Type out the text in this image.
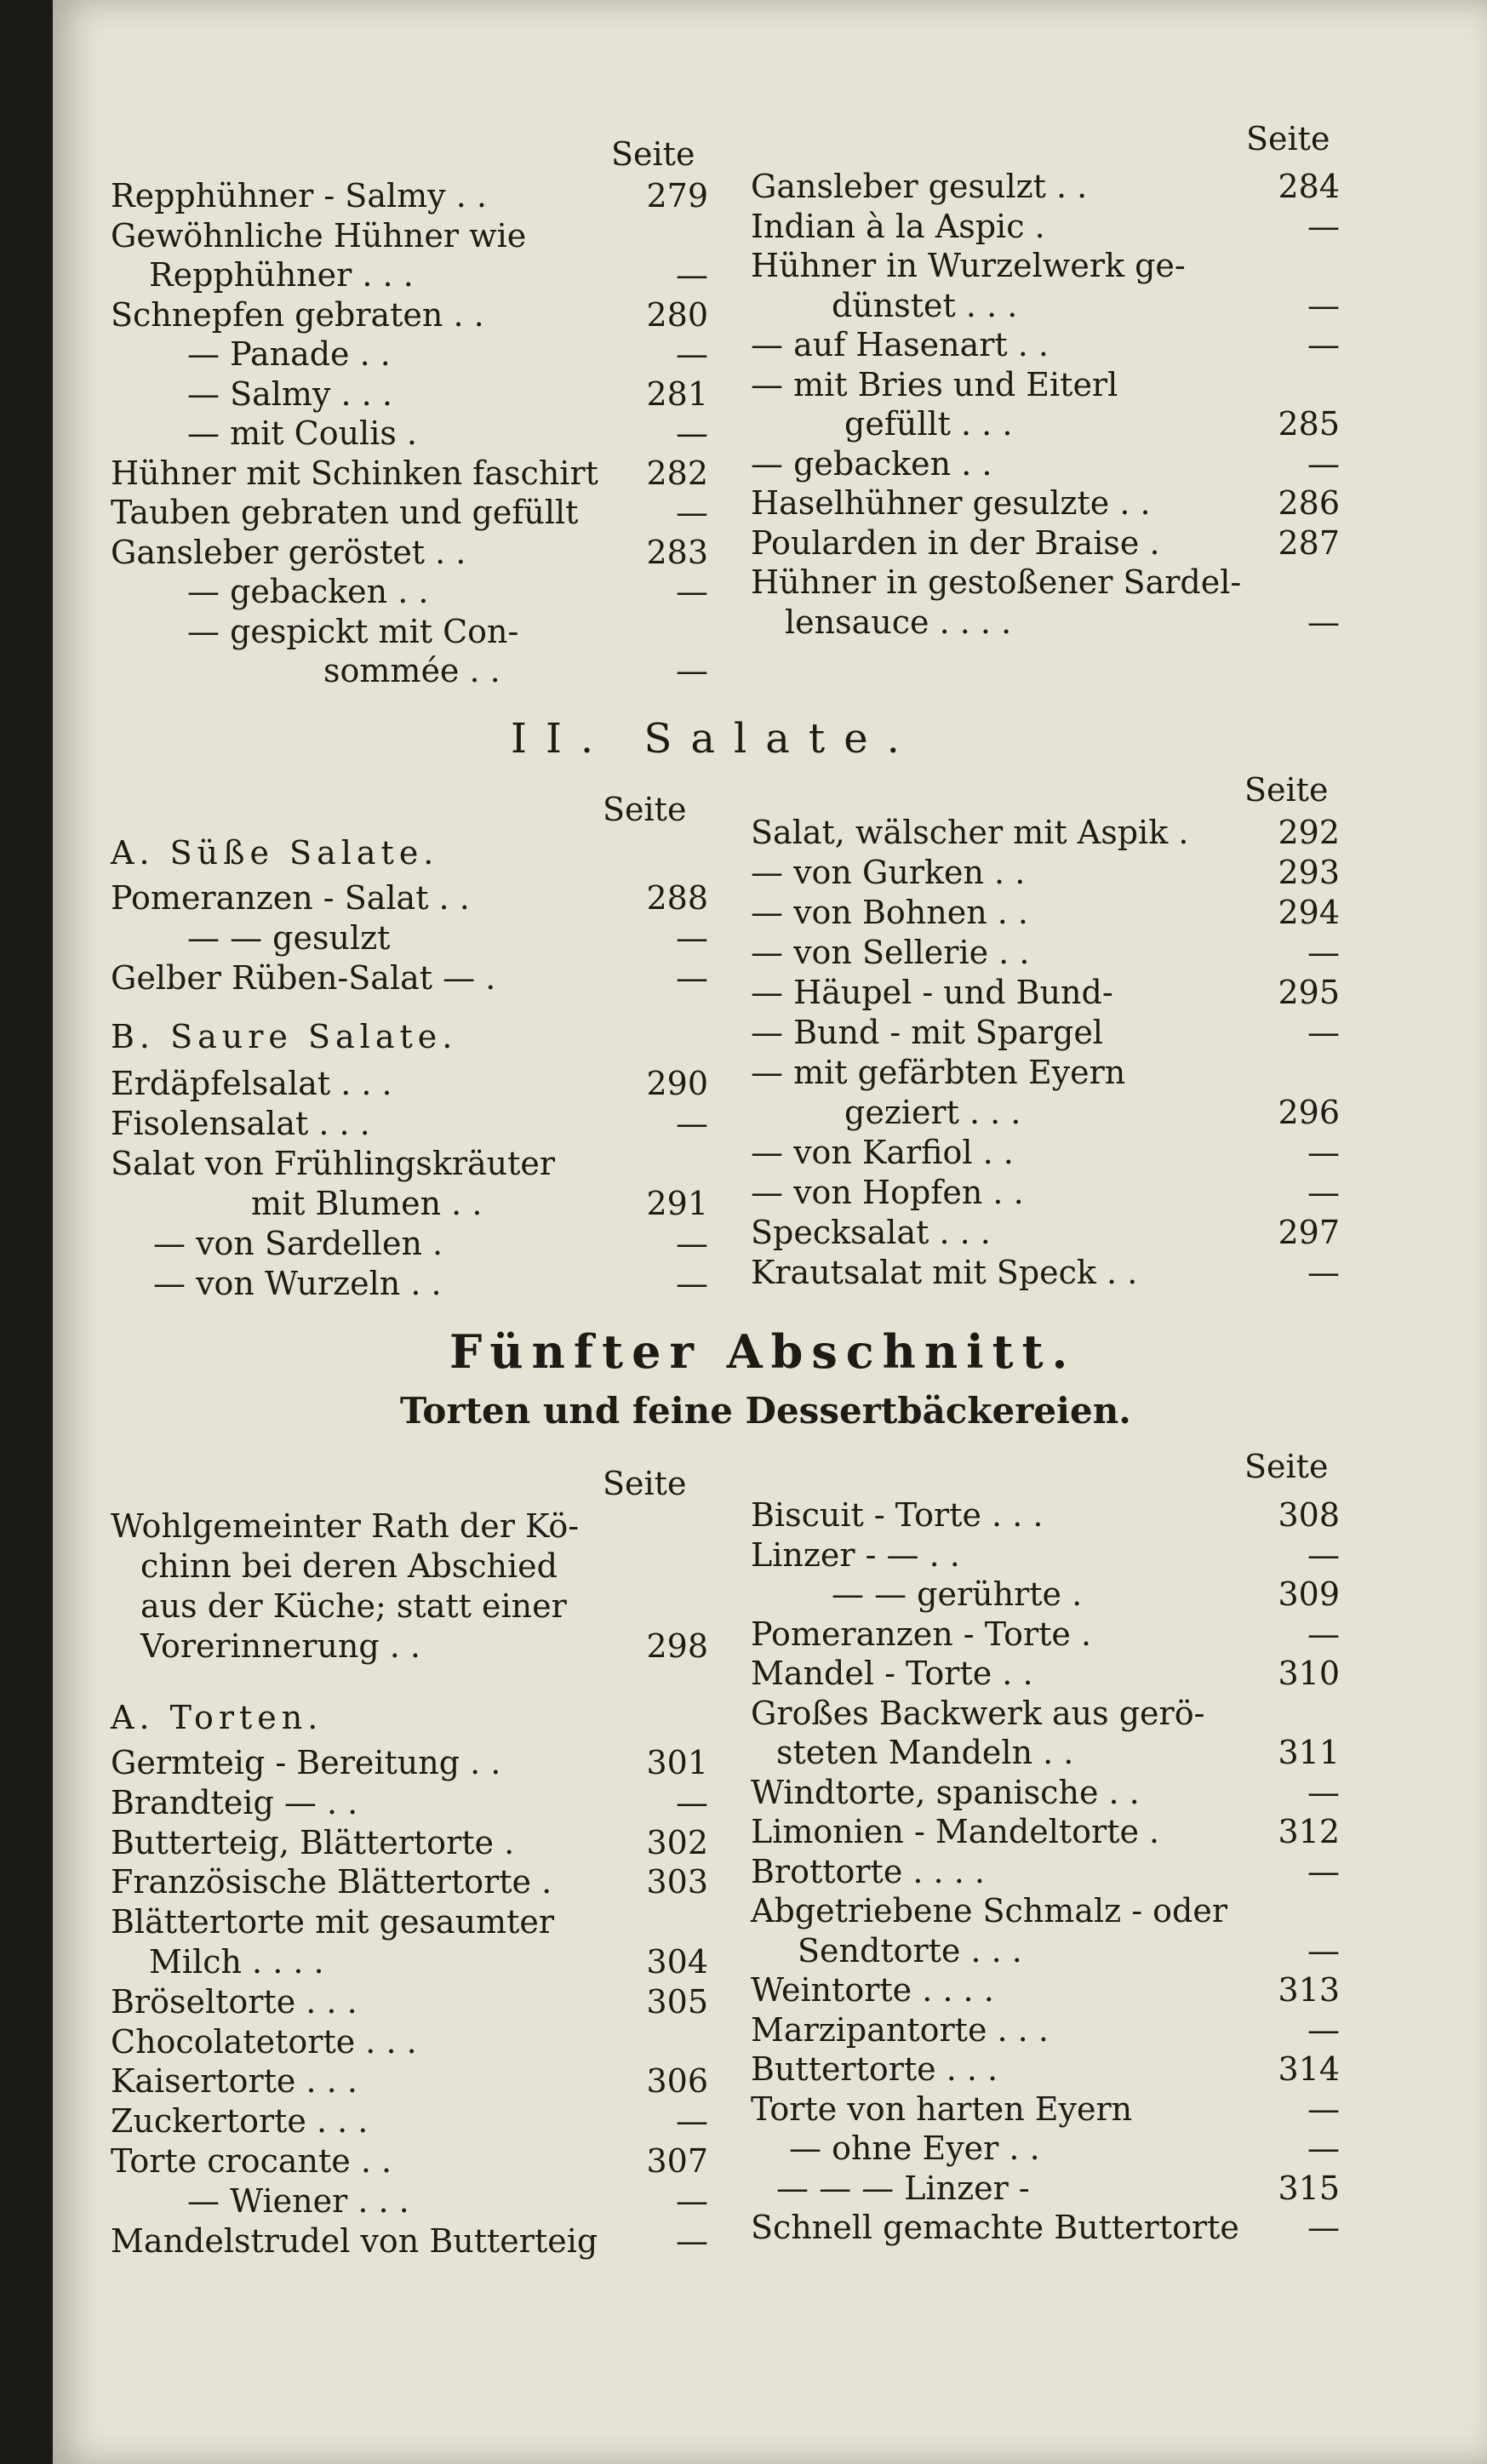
Seite	Seite
Repphühner - Salmy . .	279
Gewöhnliche Hühner wie
Repphühner . . .	—
Schnepfen gebraten . .	280
— Panade . .	—
— Salmy . . .	281
— mit Coulis .	—
Hühner mit Schinken faschirt	282
Tauben gebraten und gefüllt	—
Gansleber geröstet . .	283
— gebacken . .	—
— gespickt mit Con-
sommée . .	—
Gansleber gesulzt . .	284
Indian à la Aspic .	—
Hühner in Wurzelwerk ge-
dünstet . . .	—
— auf Hasenart . .	—
— mit Bries und Eiterl
gefüllt . . .	285
— gebacken . .	—
Haselhühner gesulzte . .	286
Poularden in der Braise .	287
Hühner in gestoßener Sardel-
lensauce . . . .	—
II. Salate.
Seite
Seite
A. Süße Salate.
Pomeranzen - Salat . .	288
— — gesulzt	—
Gelber Rüben-Salat — .	—
B. Saure Salate.
Erdäpfelsalat . . .	290
Fisolensalat . . .	—
Salat von Frühlingskräuter
mit Blumen . .	291
— von Sardellen .	—
— von Wurzeln . .	—
Salat, wälscher mit Aspik .	292
— von Gurken . .	293
— von Bohnen . .	294
— von Sellerie . .	—
— Häupel - und Bund-	295
— Bund - mit Spargel	—
— mit gefärbten Eyern
geziert . . .	296
— von Karfiol . .	—
— von Hopfen . .	—
Specksalat . . .	297
Krautsalat mit Speck . .	—
Fünfter Abschnitt.
Torten und feine Dessertbäckereien.
Seite	Seite
Wohlgemeinter Rath der Kö-
chinn bei deren Abschied
aus der Küche; statt einer
Vorerinnerung . .	298
A. Torten.
Germteig - Bereitung . .	301
Brandteig — . .	—
Butterteig, Blättertorte .	302
Französische Blättertorte .	303
Blättertorte mit gesaumter
Milch . . . .	304
Bröseltorte . . .	305
Chocolatetorte . . .
Kaisertorte . . .	306
Zuckertorte . . .	—
Torte crocante . .	307
— Wiener . . .	—
Mandelstrudel von Butterteig	—
Biscuit - Torte . . .	308
Linzer - — . .	—
— — gerührte .	309
Pomeranzen - Torte .	—
Mandel - Torte . .	310
Großes Backwerk aus gerö-
steten Mandeln . .	311
Windtorte, spanische . .	—
Limonien - Mandeltorte .	312
Brottorte . . . .	—
Abgetriebene Schmalz - oder
Sendtorte . . .	—
Weintorte . . . .	313
Marzipantorte . . .	—
Buttertorte . . .	314
Torte von harten Eyern	—
— ohne Eyer . .	—
— — — Linzer -	315
Schnell gemachte Buttertorte	—
